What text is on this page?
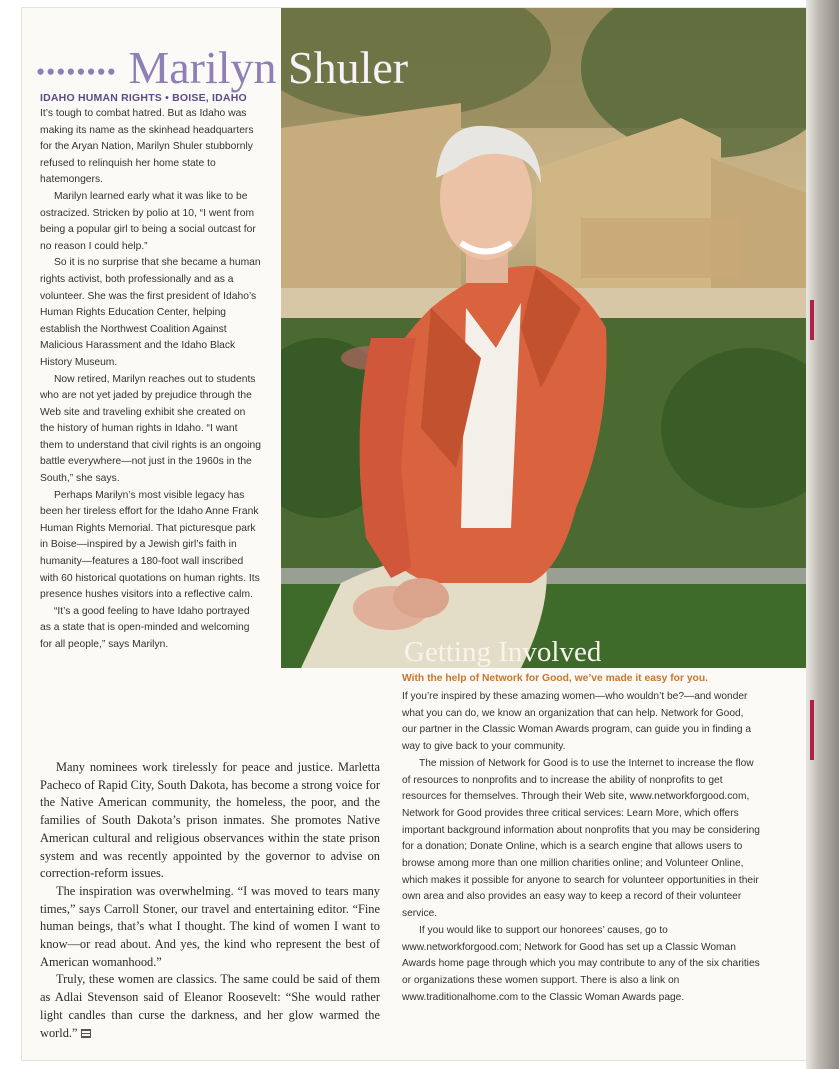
•••••••• Marilyn Shuler
IDAHO HUMAN RIGHTS • BOISE, IDAHO

It’s tough to combat hatred. But as Idaho was making its name as the skinhead headquarters for the Aryan Nation, Marilyn Shuler stubbornly refused to relinquish her home state to hatemongers.

Marilyn learned early what it was like to be ostracized. Stricken by polio at 10, “I went from being a popular girl to being a social outcast for no reason I could help.”

So it is no surprise that she became a human rights activist, both professionally and as a volunteer. She was the first president of Idaho’s Human Rights Education Center, helping establish the Northwest Coalition Against Malicious Harassment and the Idaho Black History Museum.

Now retired, Marilyn reaches out to students who are not yet jaded by prejudice through the Web site and traveling exhibit she created on the history of human rights in Idaho. “I want them to understand that civil rights is an ongoing battle everywhere—not just in the 1960s in the South,” she says.

Perhaps Marilyn’s most visible legacy has been her tireless effort for the Idaho Anne Frank Human Rights Memorial. That picturesque park in Boise—inspired by a Jewish girl’s faith in humanity—features a 180-foot wall inscribed with 60 historical quotations on human rights. Its presence hushes visitors into a reflective calm.

“It’s a good feeling to have Idaho portrayed as a state that is open-minded and welcoming for all people,” says Marilyn.	Getting Involved
With the help of Network for Good, we’ve made it easy for you.

If you’re inspired by these amazing women—who wouldn’t be?—and wonder what you can do, we know an organization that can help. Network for Good, our partner in the Classic Woman Awards program, can guide you in finding a way to give back to your community.

The mission of Network for Good is to use the Internet to increase the flow of resources to nonprofits and to increase the ability of nonprofits to get resources for themselves. Through their Web site, www.networkforgood.com, Network for Good provides three critical services: Learn More, which offers important background information about nonprofits that you may be considering for a donation; Donate Online, which is a search engine that allows users to browse among more than one million charities online; and Volunteer Online, which makes it possible for anyone to search for volunteer opportunities in their own area and also provides an easy way to keep a record of their volunteer service.

If you would like to support our honorees’ causes, go to www.networkforgood.com; Network for Good has set up a Classic Woman Awards home page through which you may contribute to any of the six charities or organizations these women support. There is also a link on www.traditionalhome.com to the Classic Woman Awards page.

Many nominees work tirelessly for peace and justice. Marletta Pacheco of Rapid City, South Dakota, has become a strong voice for the Native American community, the homeless, the poor, and the families of South Dakota’s prison inmates. She promotes Native American cultural and religious observances within the state prison system and was recently appointed by the governor to advise on correction-reform issues.

The inspiration was overwhelming. “I was moved to tears many times,” says Carroll Stoner, our travel and entertaining editor. “Fine human beings, that’s what I thought. The kind of women I want to know—or read about. And yes, the kind who represent the best of American womanhood.”

Truly, these women are classics. The same could be said of them as Adlai Stevenson said of Eleanor Roosevelt: “She would rather light candles than curse the darkness, and her glow warmed the world.”
